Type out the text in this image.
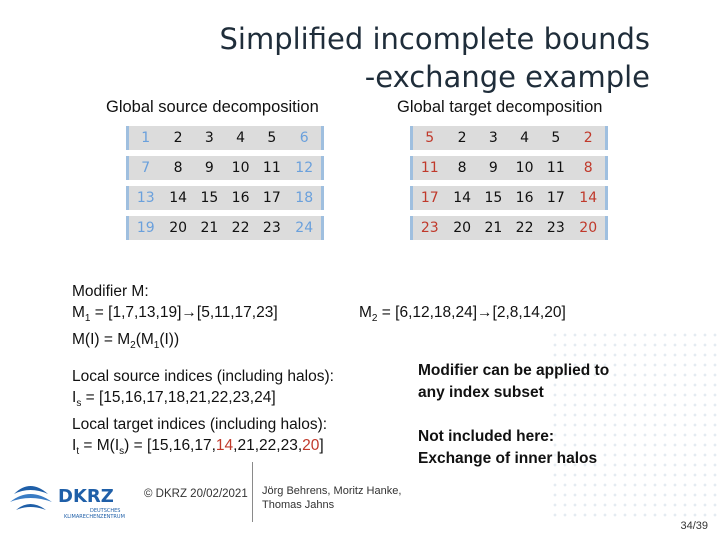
Simplified incomplete bounds
-exchange example
Global source decomposition	Global target decomposition
1	2	3	4	5	6
7	8	9	10	11	12
13	14	15	16	17	18
19	20	21	22	23	24
5	2	3	4	5	2
11	8	9	10	11	8
17	14	15	16	17	14
23	20	21	22	23	20
Modifier M:
$M_1 = [1,7,13,19]\to[5,11,17,23]$
$M(I) = M_2(M_1(I))$
$M_2 = [6,12,18,24]\to[2,8,14,20]$
Local source indices (including halos):
$I_s = [15,16,17,18,21,22,23,24]$
Local target indices (including halos):
$I_t = M(I_s) = [15,16,17,14,21,22,23,20]$
Modifier can be applied to
any index subset
Not included here:
Exchange of inner halos
DKRZ
DEUTSCHES
KLIMARECHENZENTRUM
© DKRZ 20/02/2021 Jörg Behrens, Moritz Hanke,
Thomas Jahns
34/39
